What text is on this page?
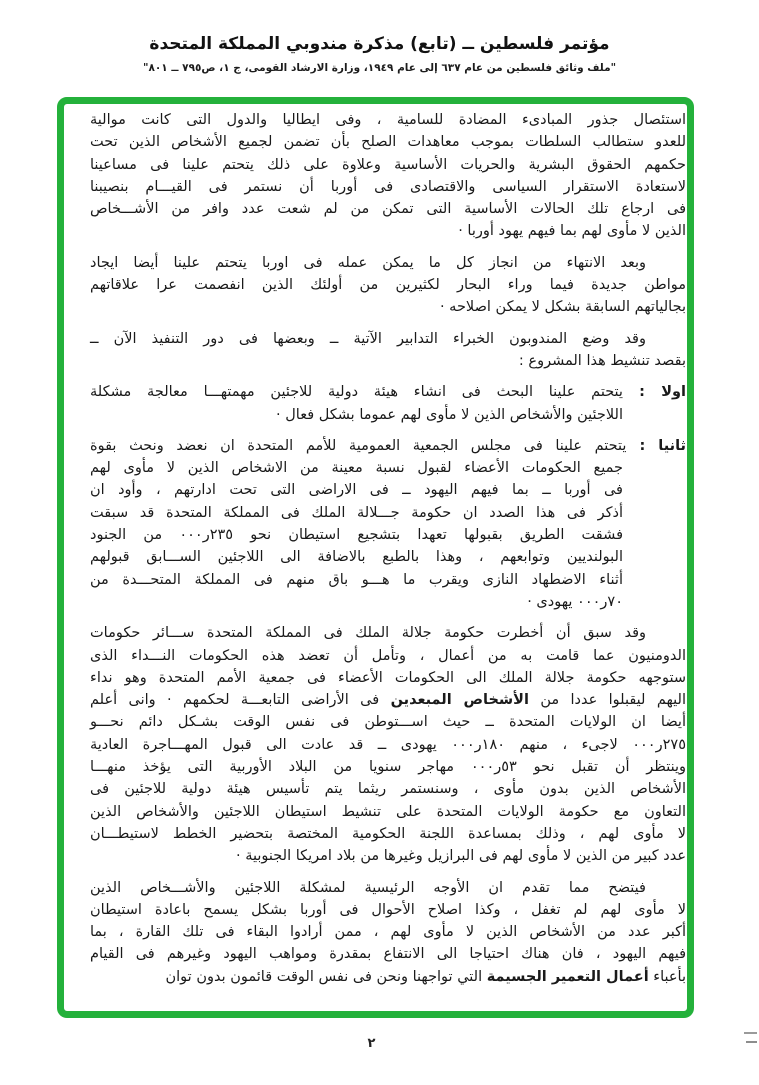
مؤتمر فلسطين ــ (تابع) مذكرة مندوبي المملكة المتحدة
"ملف وثائق فلسطين من عام ٦٣٧ إلى عام ١٩٤٩، وزارة الارشاد القومى، ج ١، ص٧٩٥ ــ ٨٠١"
استئصال جذور المبادىء المضادة للسامية ، وفى ايطاليا والدول التى كانت موالية
للعدو ستطالب السلطات بموجب معاهدات الصلح بأن تضمن لجميع الأشخاص الذين تحت
حكمهم الحقوق البشرية والحريات الأساسية وعلاوة على ذلك يتحتم علينا فى مساعينا
لاستعادة الاستقرار السياسى والاقتصادى فى أوربا أن نستمر فى القيـــام بنصيبنا
فى ارجاع تلك الحالات الأساسية التى تمكن من لم شعت عدد وافر من الأشـــخاص
الذين لا مأوى لهم بما فيهم يهود أوربا ·
وبعد الانتهاء من انجاز كل ما يمكن عمله فى اوربا يتحتم علينا أيضا ايجاد
مواطن جديدة فيما وراء البحار لكثيرين من أولئك الذين انفصمت عرا علاقاتهم
بجالياتهم السابقة بشكل لا يمكن اصلاحه ·
وقد وضع المندوبون الخبراء التدابير الآتية ــ وبعضها فى دور التنفيذ الآن ــ
بقصد تنشيط هذا المشروع :
اولا : يتحتم علينا البحث فى انشاء هيئة دولية للاجئين مهمتهـــا معالجة مشكلة
اللاجئين والأشخاص الذين لا مأوى لهم عموما بشكل فعال ·
ثانيا : يتحتم علينا فى مجلس الجمعية العمومية للأمم المتحدة ان نعضد ونحث بقوة
جميع الحكومات الأعضاء لقبول نسبة معينة من الاشخاص الذين لا مأوى لهم
فى أوربا ــ بما فيهم اليهود ــ فى الاراضى التى تحت ادارتهم ، وأود ان
أذكر فى هذا الصدد ان حكومة جـــلالة الملك فى المملكة المتحدة قد سبقت
فشقت الطريق بقبولها تعهدا بتشجيع استيطان نحو ٢٣٥ر٠٠٠ من الجنود
البولنديين وتوابعهم ، وهذا بالطبع بالاضافة الى اللاجئين الســـابق قبولهم
أثناء الاضطهاد النازى ويقرب ما هـــو باق منهم فى المملكة المتحـــدة من
٧٠ر٠٠٠ يهودى ·
وقد سبق أن أخطرت حكومة جلالة الملك فى المملكة المتحدة ســـائر حكومات
الدومنيون عما قامت به من أعمال ، وتأمل أن تعضد هذه الحكومات النـــداء الذى
ستوجهه حكومة جلالة الملك الى الحكومات الأعضاء فى جمعية الأمم المتحدة وهو نداء
اليهم ليقبلوا عددا من الأشخاص المبعدين فى الأراضى التابعـــة لحكمهم · وانى أعلم
أيضا ان الولايات المتحدة ــ حيث اســـتوطن فى نفس الوقت بشـكل دائم نحـــو
٢٧٥ر٠٠٠ لاجىء ، منهم ١٨٠ر٠٠٠ يهودى ــ قد عادت الى قبول المهـــاجرة العادية
وينتظر أن تقبل نحو ٥٣ر٠٠٠ مهاجر سنويا من البلاد الأوربية التى يؤخذ منهـــا
الأشخاص الذين بدون مأوى ، وسنستمر ريثما يتم تأسيس هيئة دولية للاجئين فى
التعاون مع حكومة الولايات المتحدة على تنشيط استيطان اللاجئين والأشخاص الذين
لا مأوى لهم ، وذلك بمساعدة اللجنة الحكومية المختصة بتحضير الخطط لاستيطـــان
عدد كبير من الذين لا مأوى لهم فى البرازيل وغيرها من بلاد امريكا الجنوبية ·
فيتضح مما تقدم ان الأوجه الرئيسية لمشكلة اللاجئين والأشـــخاص الذين
لا مأوى لهم لم تغفل ، وكذا اصلاح الأحوال فى أوربا بشكل يسمح باعادة استيطان
أكبر عدد من الأشخاص الذين لا مأوى لهم ، ممن أرادوا البقاء فى تلك القارة ، بما
فيهم اليهود ، فان هناك احتياجا الى الانتفاع بمقدرة ومواهب اليهود وغيرهم فى القيام
بأعباء أعمال التعمير الجسيمة التي تواجهنا ونحن فى نفس الوقت قائمون بدون توان
٢
